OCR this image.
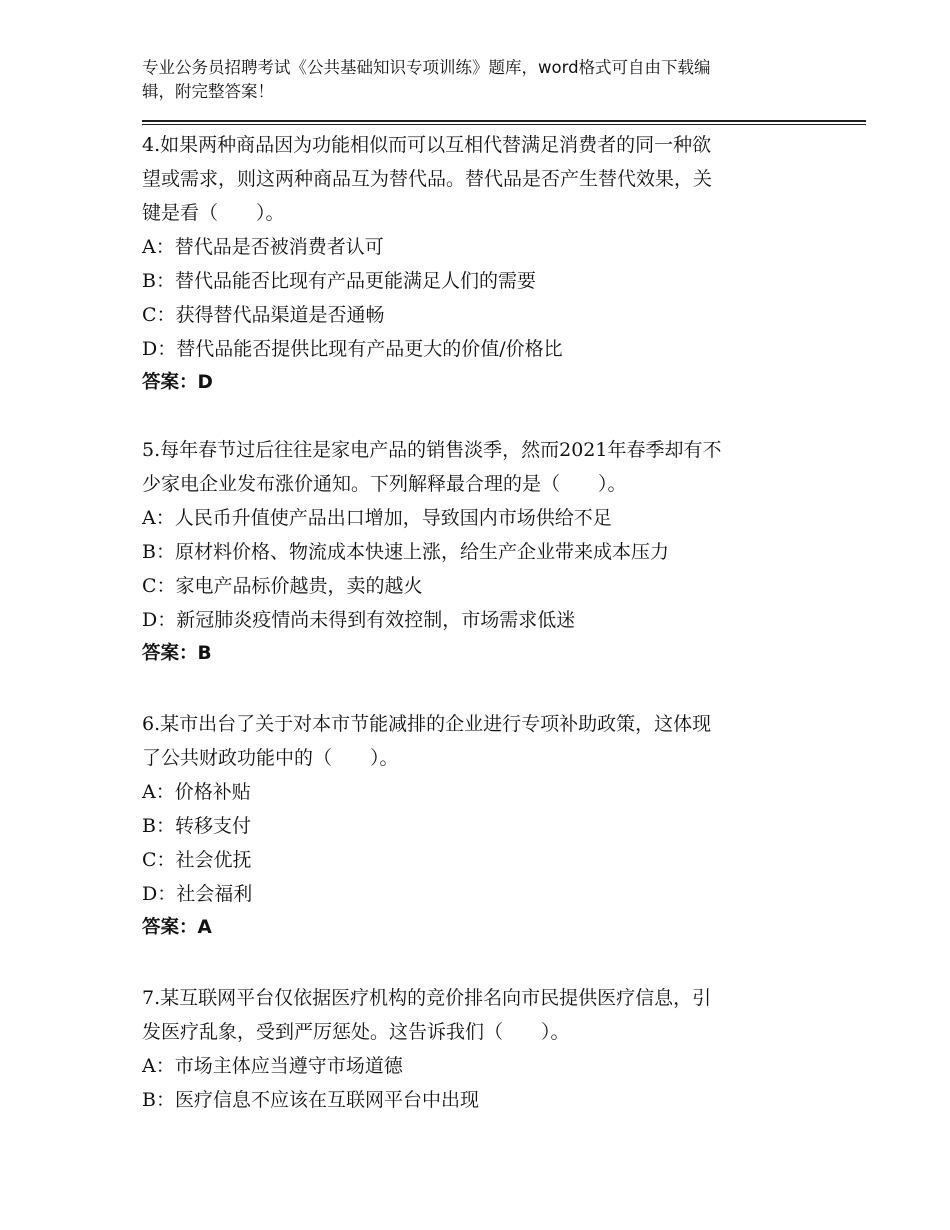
专业公务员招聘考试《公共基础知识专项训练》题库，word格式可自由下载编
辑，附完整答案！
4.如果两种商品因为功能相似而可以互相代替满足消费者的同一种欲
望或需求，则这两种商品互为替代品。替代品是否产生替代效果，关
键是看（　　）。
A：替代品是否被消费者认可
B：替代品能否比现有产品更能满足人们的需要
C：获得替代品渠道是否通畅
D：替代品能否提供比现有产品更大的价值/价格比
答案：D
5.每年春节过后往往是家电产品的销售淡季，然而2021年春季却有不
少家电企业发布涨价通知。下列解释最合理的是（　　）。
A：人民币升值使产品出口增加，导致国内市场供给不足
B：原材料价格、物流成本快速上涨，给生产企业带来成本压力
C：家电产品标价越贵，卖的越火
D：新冠肺炎疫情尚未得到有效控制，市场需求低迷
答案：B
6.某市出台了关于对本市节能减排的企业进行专项补助政策，这体现
了公共财政功能中的（　　）。
A：价格补贴
B：转移支付
C：社会优抚
D：社会福利
答案：A
7.某互联网平台仅依据医疗机构的竞价排名向市民提供医疗信息，引
发医疗乱象，受到严厉惩处。这告诉我们（　　）。
A：市场主体应当遵守市场道德
B：医疗信息不应该在互联网平台中出现
